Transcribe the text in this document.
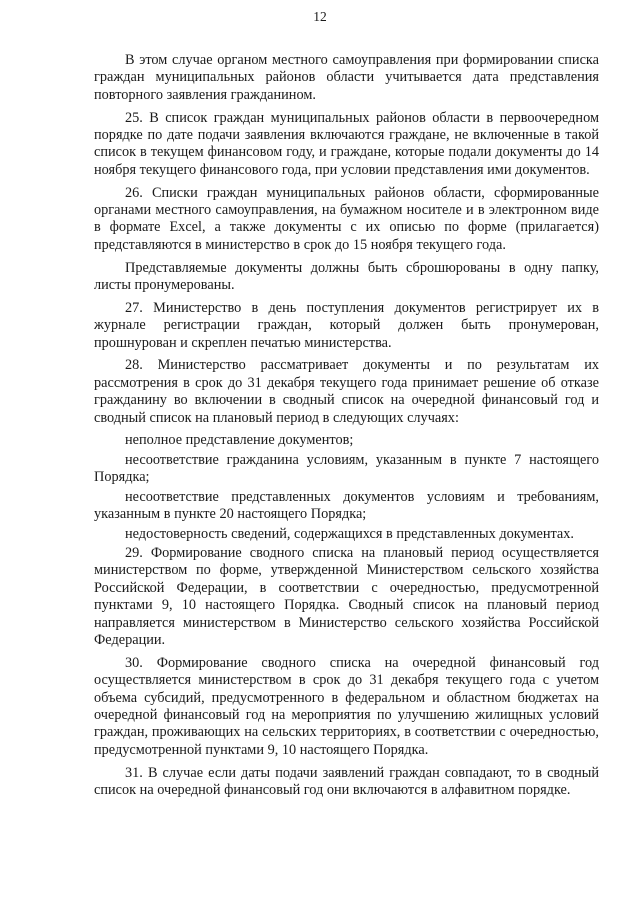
12

В этом случае органом местного самоуправления при формировании списка граждан муниципальных районов области учитывается дата представления повторного заявления гражданином.

25. В список граждан муниципальных районов области в первоочередном порядке по дате подачи заявления включаются граждане, не включенные в такой список в текущем финансовом году, и граждане, которые подали документы до 14 ноября текущего финансового года, при условии представления ими документов.

26. Списки граждан муниципальных районов области, сформированные органами местного самоуправления, на бумажном носителе и в электронном виде в формате Excel, а также документы с их описью по форме (прилагается) представляются в министерство в срок до 15 ноября текущего года.

Представляемые документы должны быть сброшюрованы в одну папку, листы пронумерованы.

27. Министерство в день поступления документов регистрирует их в журнале регистрации граждан, который должен быть пронумерован, прошнурован и скреплен печатью министерства.

28. Министерство рассматривает документы и по результатам их рассмотрения в срок до 31 декабря текущего года принимает решение об отказе гражданину во включении в сводный список на очередной финансовый год и сводный список на плановый период в следующих случаях:

неполное представление документов;

несоответствие гражданина условиям, указанным в пункте 7 настоящего Порядка;

несоответствие представленных документов условиям и требованиям, указанным в пункте 20 настоящего Порядка;

недостоверность сведений, содержащихся в представленных документах.

29. Формирование сводного списка на плановый период осуществляется министерством по форме, утвержденной Министерством сельского хозяйства Российской Федерации, в соответствии с очередностью, предусмотренной пунктами 9, 10 настоящего Порядка. Сводный список на плановый период направляется министерством в Министерство сельского хозяйства Российской Федерации.

30. Формирование сводного списка на очередной финансовый год осуществляется министерством в срок до 31 декабря текущего года с учетом объема субсидий, предусмотренного в федеральном и областном бюджетах на очередной финансовый год на мероприятия по улучшению жилищных условий граждан, проживающих на сельских территориях, в соответствии с очередностью, предусмотренной пунктами 9, 10 настоящего Порядка.

31. В случае если даты подачи заявлений граждан совпадают, то в сводный список на очередной финансовый год они включаются в алфавитном порядке.
